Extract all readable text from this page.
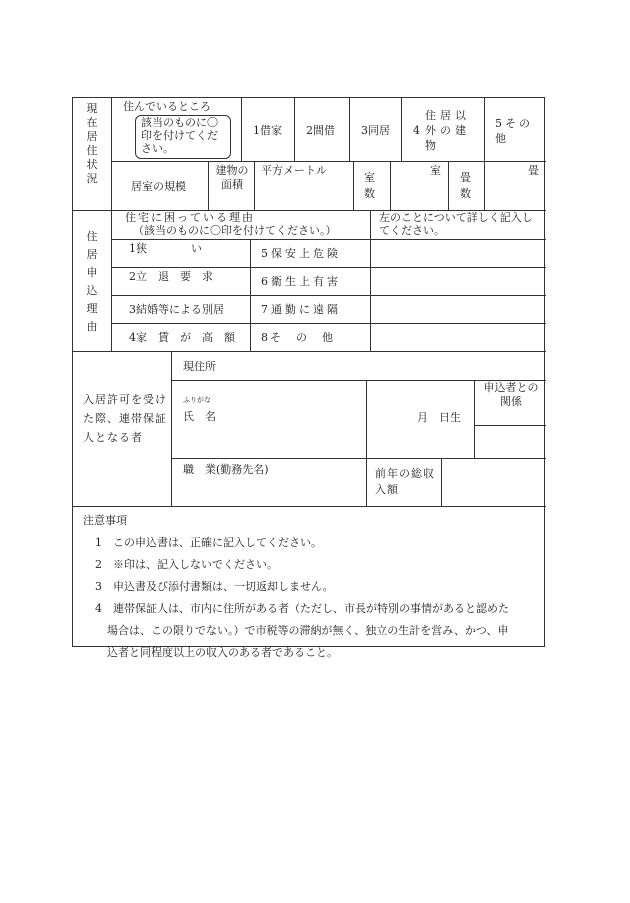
現
在
居
住
状
況
住んでいるところ
該当のものに〇印を付けてください。
1借家 2間借 3同居 4
住居以外の建物
5その他
居室の規模
建物の面積
平方メートル
室数
室
畳数
畳
住
居
申
込
理
由
住宅に困っている理由
（該当のものに〇印を付けてください。）
左のことについて詳しく記入してください。
1狭　　　　い
2立　退　要　求
3結婚等による別居
4家　賃　が　高　額
5保安上危険
6衛生上有害
7通勤に遠隔
8そ　の　他
入居許可を受けた際、連帯保証人となる者
現住所
ふりがな
氏　名	月　日生
申込者との関係
職　業(勤務先名)	前年の総収入額
注意事項
1　この申込書は、正確に記入してください。
2　※印は、記入しないでください。
3　申込書及び添付書類は、一切返却しません。
4　連帯保証人は、市内に住所がある者（ただし、市長が特別の事情があると認めた
場合は、この限りでない。）で市税等の滞納が無く、独立の生計を営み、かつ、申
込者と同程度以上の収入のある者であること。
